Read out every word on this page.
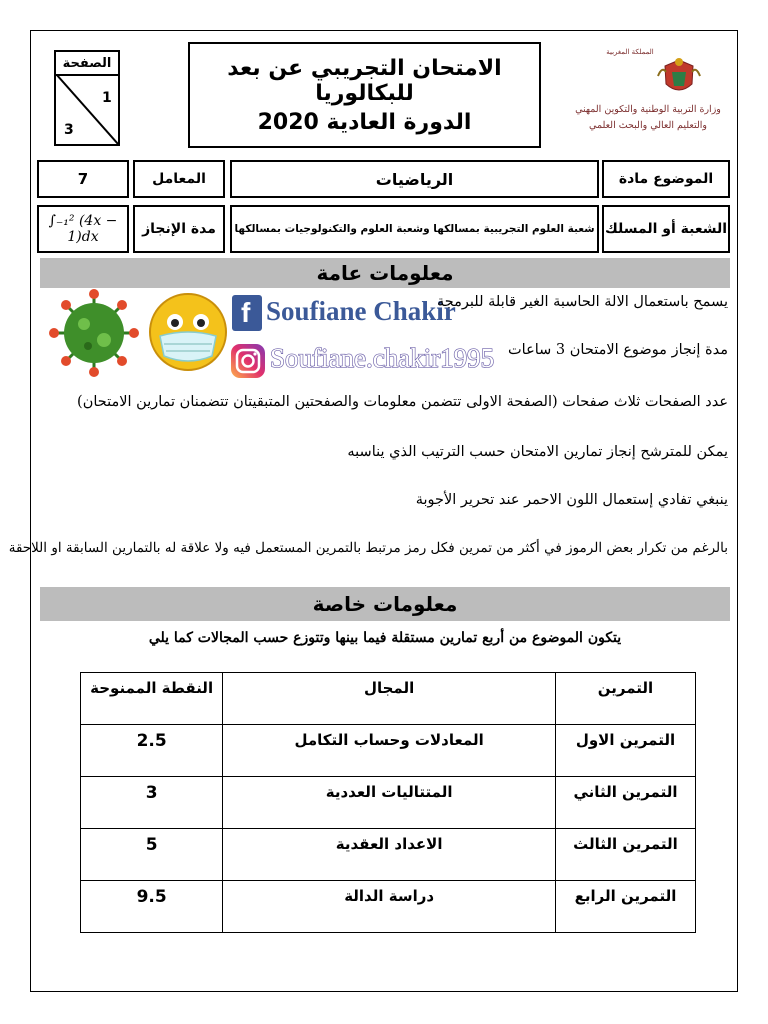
الصفحة
1
3
الامتحان التجريبي عن بعد للبكالوريا
الدورة العادية 2020
المملكة المغربية
وزارة التربية الوطنية والتكوين المهني
والتعليم العالي والبحث العلمي
7	المعامل	الرياضيات	الموضوع مادة
∫₋₁² (4x − 1)dx	مدة الإنجاز	شعبة العلوم التجريبية بمسالكها وشعبة العلوم والتكنولوجيات بمسالكها الشعبة أو المسلك
معلومات عامة
f Soufiane Chakir
Soufiane.chakir1995
يسمح باستعمال الالة الحاسبة الغير قابلة للبرمجة
مدة إنجاز موضوع الامتحان 3 ساعات
عدد الصفحات ثلاث صفحات (الصفحة الاولى تتضمن معلومات والصفحتين المتبقيتان تتضمنان تمارين الامتحان)
يمكن للمترشح إنجاز تمارين الامتحان حسب الترتيب الذي يناسبه
ينبغي تفادي إستعمال اللون الاحمر عند تحرير الأجوبة
بالرغم من تكرار بعض الرموز في أكثر من تمرين فكل رمز مرتبط بالتمرين المستعمل فيه ولا علاقة له بالتمارين السابقة او اللاحقة
معلومات خاصة
يتكون الموضوع من أربع تمارين مستقلة فيما بينها وتتوزع حسب المجالات كما يلي
التمرين	المجال	النقطة الممنوحة
التمرين الاول	المعادلات وحساب التكامل	2.5
التمرين الثاني	المتتاليات العددية	3
التمرين الثالث	الاعداد العقدية	5
التمرين الرابع	دراسة الدالة	9.5
